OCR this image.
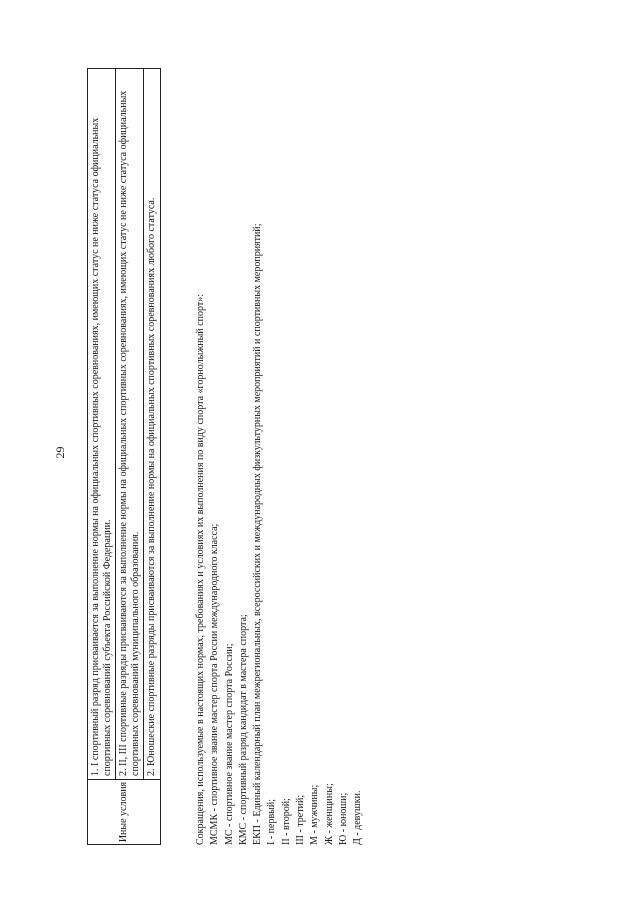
29
Иные условия	1. I спортивный разряд присваивается за выполнение нормы на официальных спортивных соревнованиях, имеющих статус не ниже статуса официальных спортивных соревнований субъекта Российской Федерации.
2. II, III спортивные разряды присваиваются за выполнение нормы на официальных спортивных соревнованиях, имеющих статус не ниже статуса официальных спортивных соревнований муниципального образования.
2. Юношеские спортивные разряды присваиваются за выполнение нормы на официальных спортивных соревнованиях любого статуса.	Сокращения, используемые в настоящих нормах, требованиях и условиях их выполнения по виду спорта «горнолыжный спорт»: МСМК - спортивное звание мастер спорта России международного класса; МС - спортивное звание мастер спорта России; КМС - спортивный разряд кандидат в мастера спорта; ЕКП - Единый календарный план межрегиональных, всероссийских и международных физкультурных мероприятий и спортивных мероприятий; I - первый; II - второй; III - третий; М - мужчины; Ж - женщины; Ю - юноши; Д - девушки.
